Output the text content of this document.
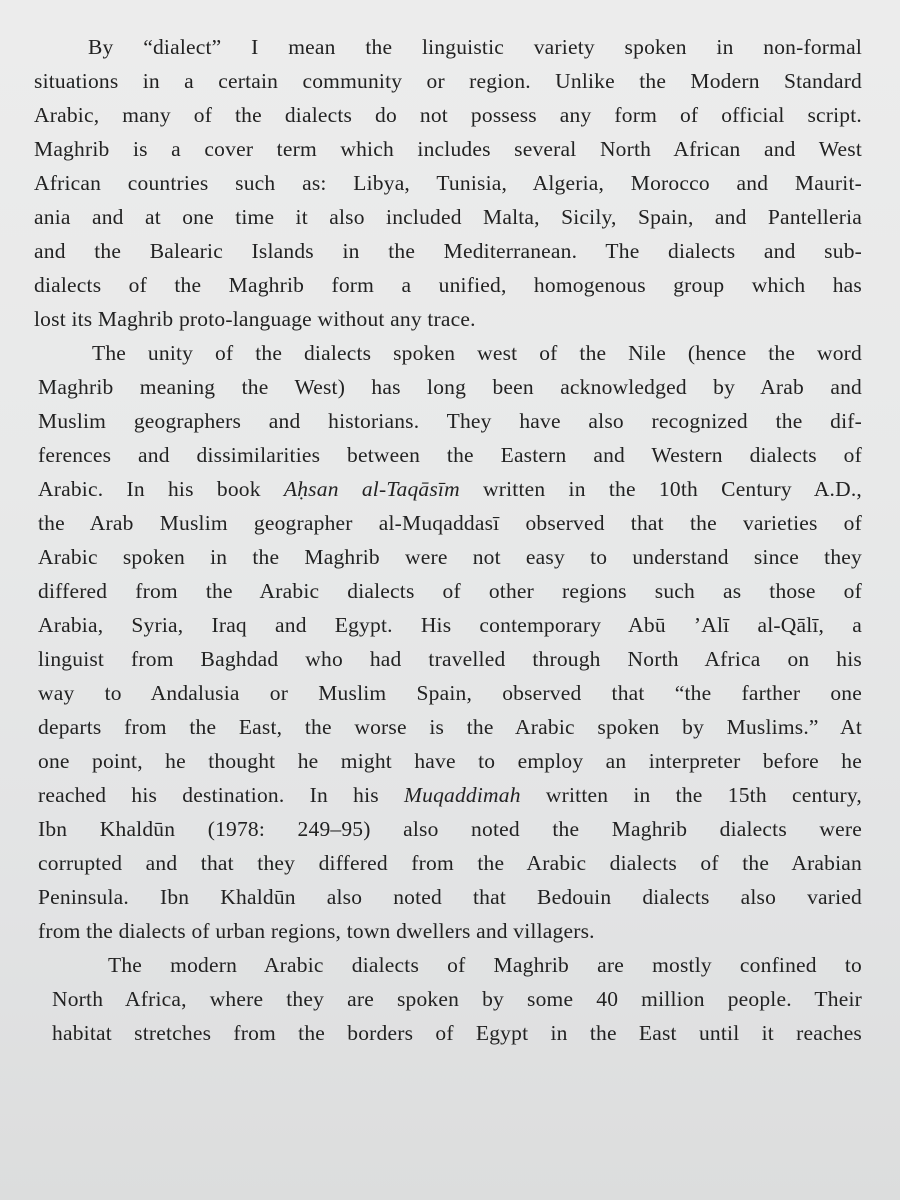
By “dialect” I mean the linguistic variety spoken in non-formal
situations in a certain community or region. Unlike the Modern Standard
Arabic, many of the dialects do not possess any form of official script.
Maghrib is a cover term which includes several North African and West
African countries such as: Libya, Tunisia, Algeria, Morocco and Maurit-
ania and at one time it also included Malta, Sicily, Spain, and Pantelleria
and the Balearic Islands in the Mediterranean. The dialects and sub-
dialects of the Maghrib form a unified, homogenous group which has
lost its Maghrib proto-language without any trace.

The unity of the dialects spoken west of the Nile (hence the word
Maghrib meaning the West) has long been acknowledged by Arab and
Muslim geographers and historians. They have also recognized the dif-
ferences and dissimilarities between the Eastern and Western dialects of
Arabic. In his book Aḥsan al-Taqāsīm written in the 10th Century A.D.,
the Arab Muslim geographer al-Muqaddasī observed that the varieties of
Arabic spoken in the Maghrib were not easy to understand since they
differed from the Arabic dialects of other regions such as those of
Arabia, Syria, Iraq and Egypt. His contemporary Abū ’Alī al-Qālī, a
linguist from Baghdad who had travelled through North Africa on his
way to Andalusia or Muslim Spain, observed that “the farther one
departs from the East, the worse is the Arabic spoken by Muslims.” At
one point, he thought he might have to employ an interpreter before he
reached his destination. In his Muqaddimah written in the 15th century,
Ibn Khaldūn (1978: 249–95) also noted the Maghrib dialects were
corrupted and that they differed from the Arabic dialects of the Arabian
Peninsula. Ibn Khaldūn also noted that Bedouin dialects also varied
from the dialects of urban regions, town dwellers and villagers.

The modern Arabic dialects of Maghrib are mostly confined to
North Africa, where they are spoken by some 40 million people. Their
habitat stretches from the borders of Egypt in the East until it reaches
